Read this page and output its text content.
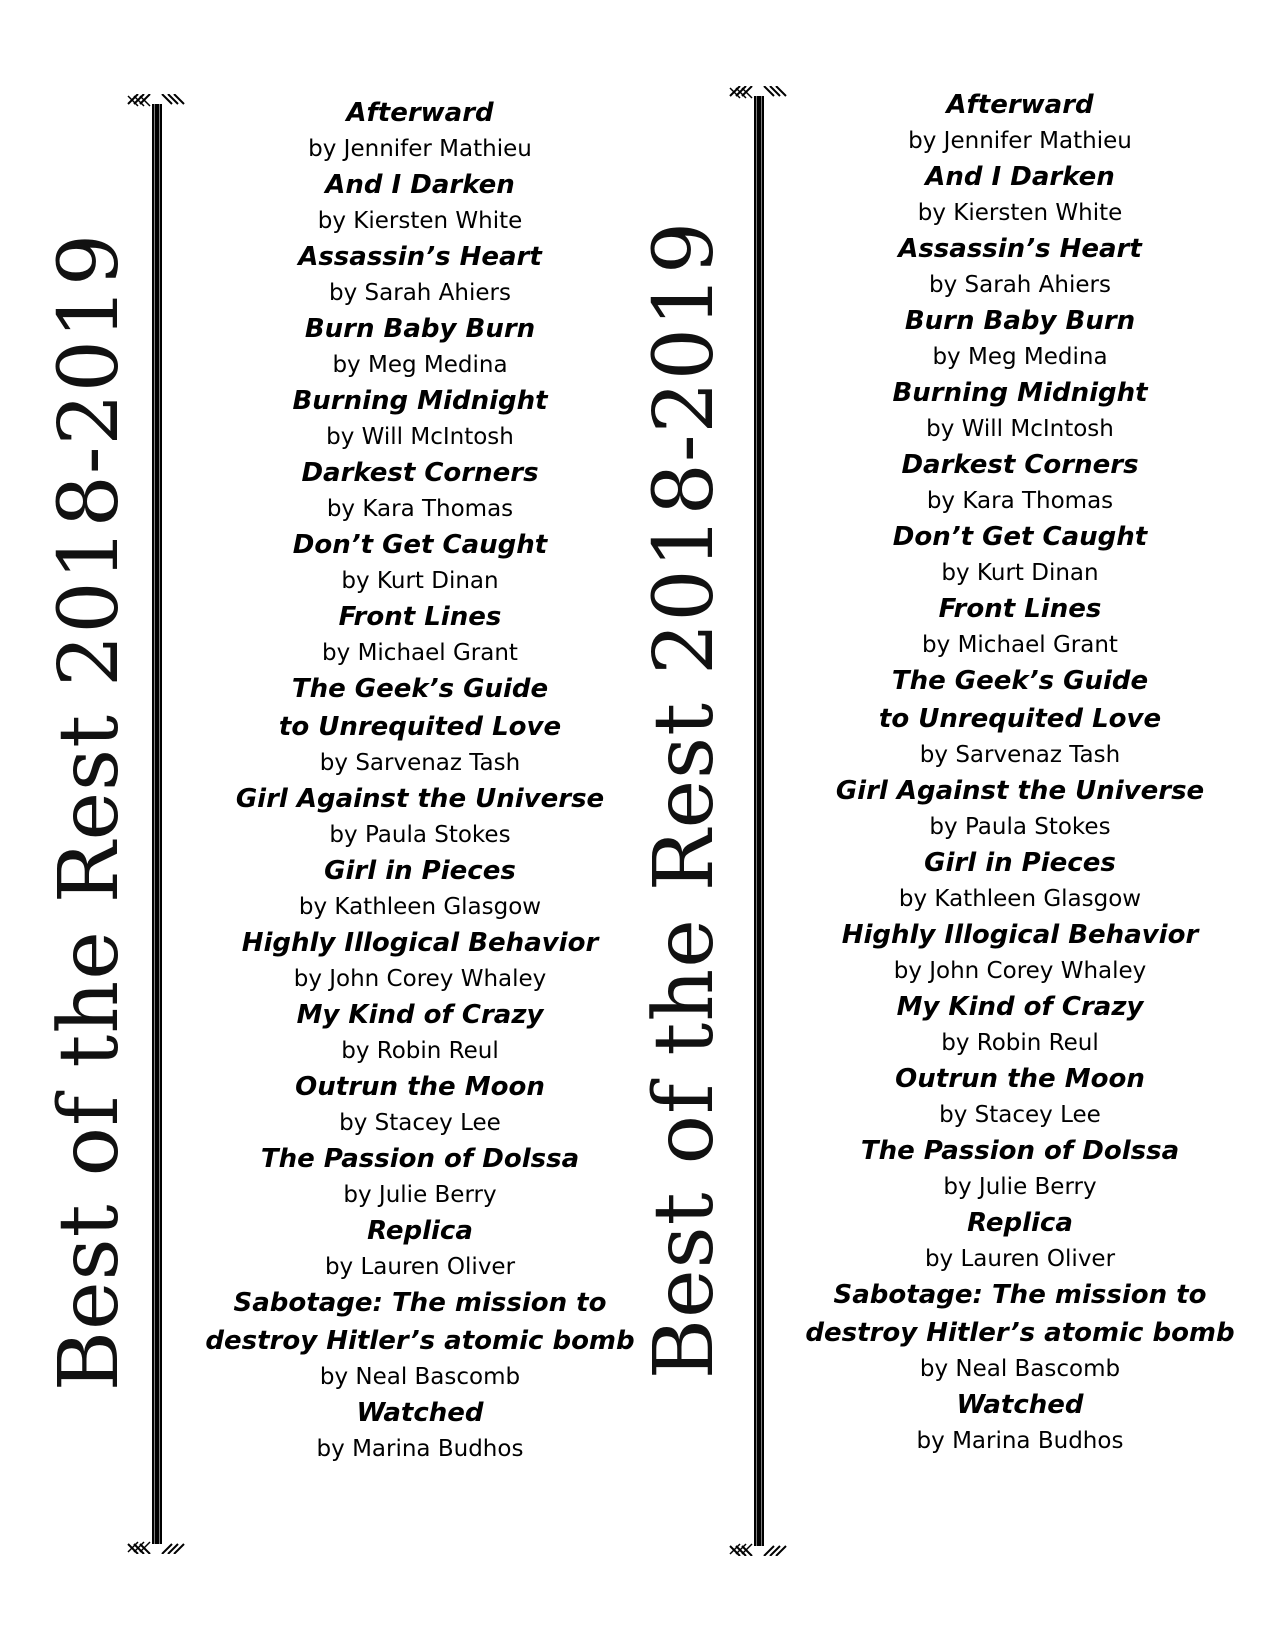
Best of the Rest 2018-2019
Afterward
by Jennifer Mathieu
And I Darken
by Kiersten White
Assassin’s Heart
by Sarah Ahiers
Burn Baby Burn
by Meg Medina
Burning Midnight
by Will McIntosh
Darkest Corners
by Kara Thomas
Don’t Get Caught
by Kurt Dinan
Front Lines
by Michael Grant
The Geek’s Guide
to Unrequited Love
by Sarvenaz Tash
Girl Against the Universe
by Paula Stokes
Girl in Pieces
by Kathleen Glasgow
Highly Illogical Behavior
by John Corey Whaley
My Kind of Crazy
by Robin Reul
Outrun the Moon
by Stacey Lee
The Passion of Dolssa
by Julie Berry
Replica
by Lauren Oliver
Sabotage: The mission to
destroy Hitler’s atomic bomb
by Neal Bascomb
Watched
by Marina Budhos
Best of the Rest 2018-2019
Afterward
by Jennifer Mathieu
And I Darken
by Kiersten White
Assassin’s Heart
by Sarah Ahiers
Burn Baby Burn
by Meg Medina
Burning Midnight
by Will McIntosh
Darkest Corners
by Kara Thomas
Don’t Get Caught
by Kurt Dinan
Front Lines
by Michael Grant
The Geek’s Guide
to Unrequited Love
by Sarvenaz Tash
Girl Against the Universe
by Paula Stokes
Girl in Pieces
by Kathleen Glasgow
Highly Illogical Behavior
by John Corey Whaley
My Kind of Crazy
by Robin Reul
Outrun the Moon
by Stacey Lee
The Passion of Dolssa
by Julie Berry
Replica
by Lauren Oliver
Sabotage: The mission to
destroy Hitler’s atomic bomb
by Neal Bascomb
Watched
by Marina Budhos
